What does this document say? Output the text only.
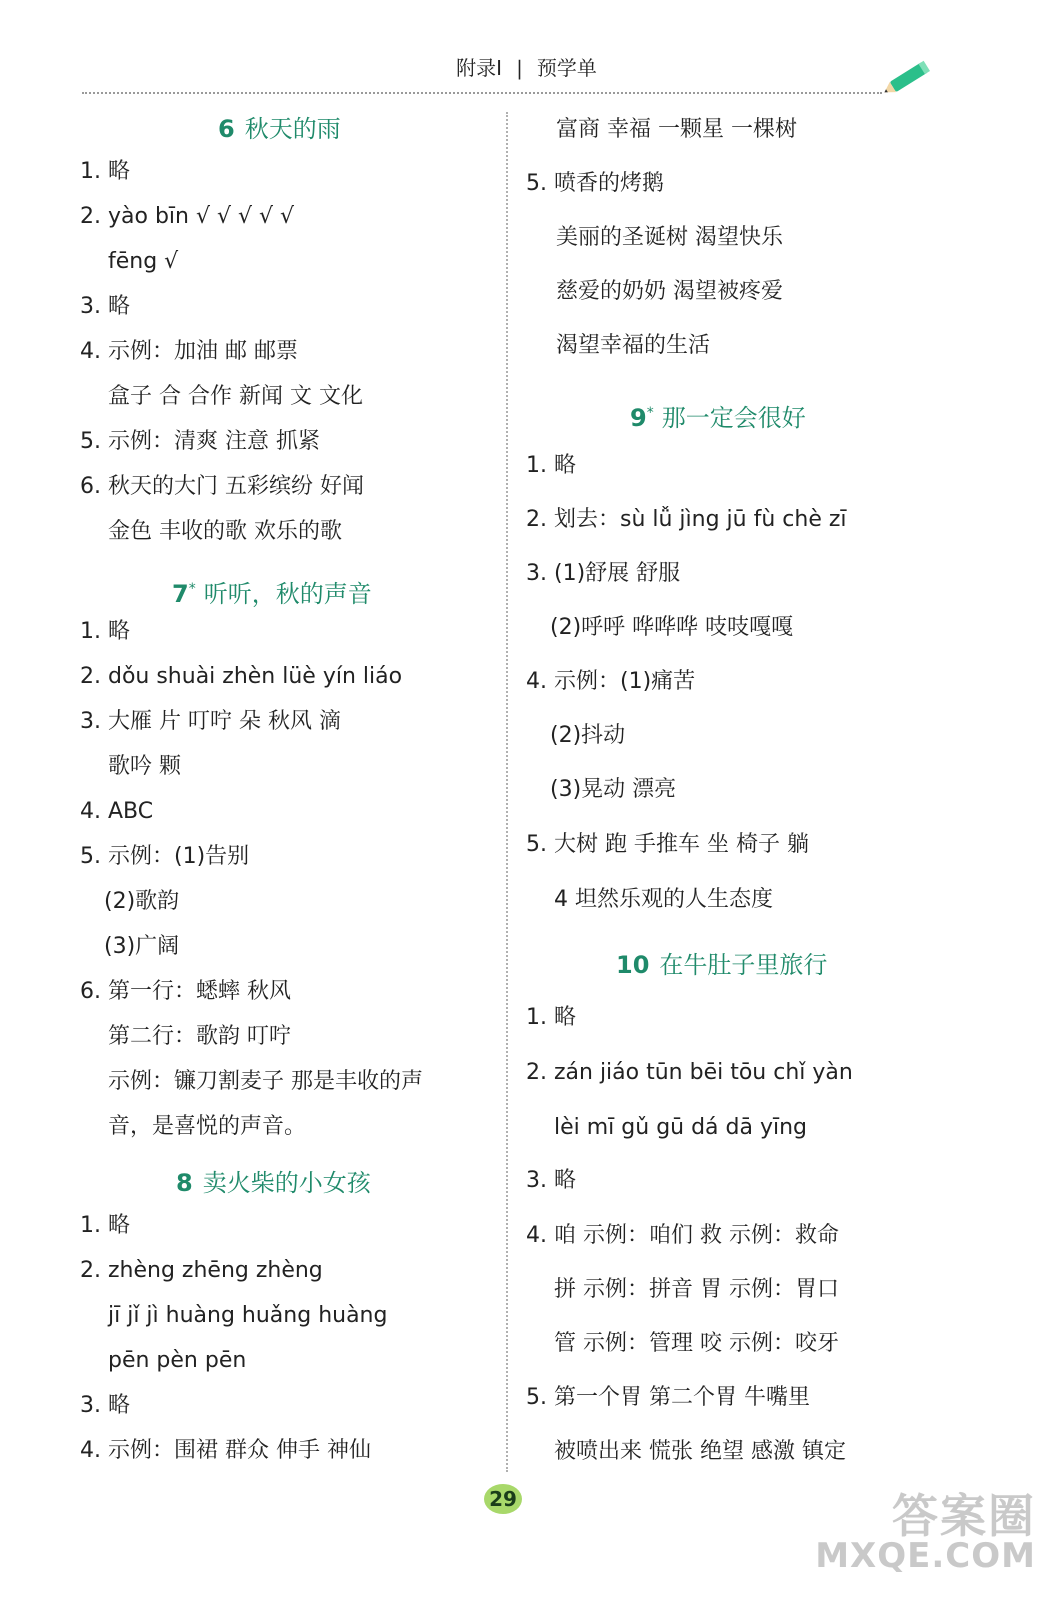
附录Ⅰ | 预学单
6 秋天的雨
1. 略
2. yào bīn √ √ √ √ √
fēng √
3. 略
4. 示例：加油 邮 邮票
盒子 合 合作 新闻 文 文化
5. 示例：清爽 注意 抓紧
6. 秋天的大门 五彩缤纷 好闻
金色 丰收的歌 欢乐的歌
7* 听听，秋的声音
1. 略
2. dǒu shuài zhèn lüè yín liáo
3. 大雁 片 叮咛 朵 秋风 滴
歌吟 颗
4. ABC
5. 示例：(1)告别
(2)歌韵
(3)广阔
6. 第一行：蟋蟀 秋风
第二行：歌韵 叮咛
示例：镰刀割麦子 那是丰收的声
音，是喜悦的声音。
8 卖火柴的小女孩
1. 略
2. zhèng zhēng zhèng
jī jǐ jì huàng huǎng huàng
pēn pèn pēn
3. 略
4. 示例：围裙 群众 伸手 神仙
富商 幸福 一颗星 一棵树
5. 喷香的烤鹅
美丽的圣诞树 渴望快乐
慈爱的奶奶 渴望被疼爱
渴望幸福的生活
9* 那一定会很好
1. 略
2. 划去：sù lǚ jìng jū fù chè zī
3. (1)舒展 舒服
(2)呼呼 哗哗哗 吱吱嘎嘎
4. 示例：(1)痛苦
(2)抖动
(3)晃动 漂亮
5. 大树 跑 手推车 坐 椅子 躺
4 坦然乐观的人生态度
10 在牛肚子里旅行
1. 略
2. zán jiáo tūn bēi tōu chǐ yàn
lèi mī gǔ gū dá dā yīng
3. 略
4. 咱 示例：咱们 救 示例：救命
拼 示例：拼音 胃 示例：胃口
管 示例：管理 咬 示例：咬牙
5. 第一个胃 第二个胃 牛嘴里
被喷出来 慌张 绝望 感激 镇定
29	答案圈
MXQE.COM
